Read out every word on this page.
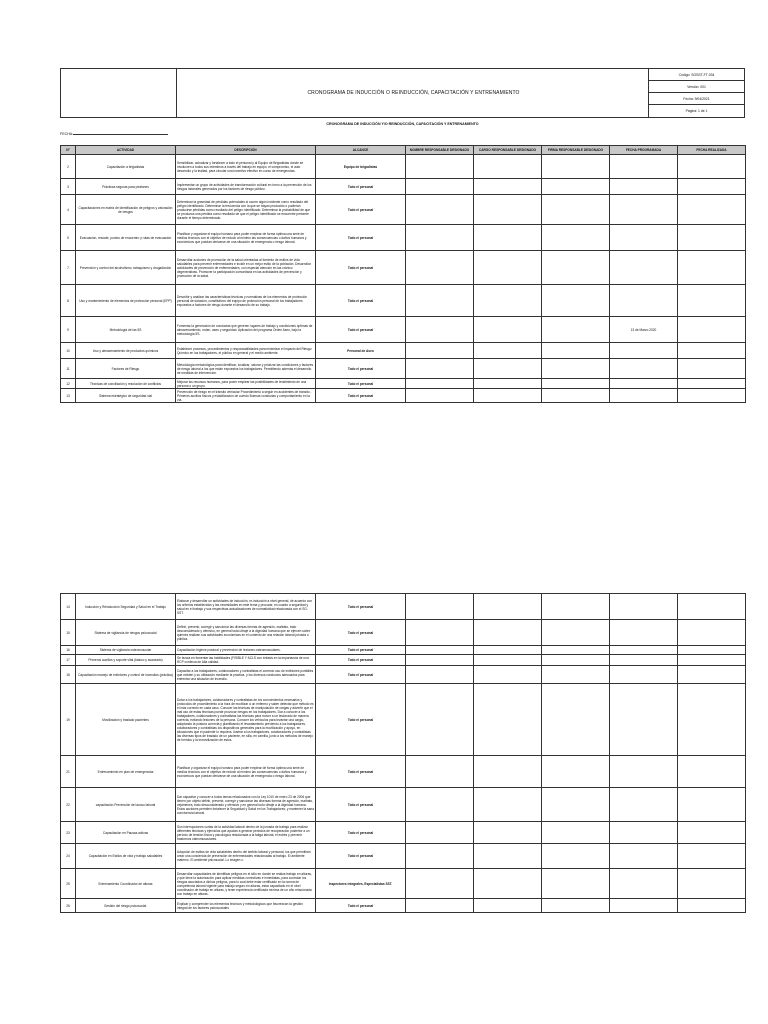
CRONOGRAMA DE INDUCCIÓN O REINDUCCIÓN, CAPACITACIÓN Y ENTRENAMIENTO
Código: SGSST-FT-034
Versión: 001
Fecha: 9/04/2021
Página: 1 de 1
CRONOGRAMA DE INDUCCIÓN Y/O REINDUCCIÓN, CAPACITACIÓN Y ENTRENAMIENTO
FECHA:
N°	ACTIVIDAD	DESCRIPCIÓN	ALCANCE	NOMBRE RESPONSABLE DESIGNADO	CARGO RESPONSABLE DESIGNADO	FIRMA RESPONSABLE DESIGNADO	FECHA PROGRAMADA	FECHA REALIZADA
2	Capacitación a brigadistas	Sensibilizar, actualizar y fortalecer a todo el personal y al Equipo de Brigadistas donde se involucren a todos sus miembros a través del trabajo en equipo, el compromiso, el auto desarrollo y la lealtad, para circular una incentivo efectivo en curso de emergencias.	Equipo de brigadistas					
3	Prácticas seguras para peatones	Implementar un grupo de actividades de transformación cultural en torno a la prevención de los riesgos laborales generados por los factores de riesgo público.	Todo el personal					
4	Capacitaciones en matriz de identificación de peligros y valoración de riesgos	Determinar la gravedad de pérdidas potenciales si ocurre algún incidente como resultado del peligro identificado. Determinar la frecuencia con la que se trayan producido o pudieran producirse pérdidas como resultado del peligro identificado. Determinar la probabilidad de que se produzca una pérdida como resultado de que el peligro identificado se encuentre presente durante el tiempo determinado.	Todo el personal					
5	Evacuación, rescate, puntos de encuentro y rutas de evacuación	Planificar y organizar el equipo humano para poder emplear de forma óptima una serie de medios técnicos con el objetivo de reducir al mínimo las consecuencias o daños humanos y económicos que puedan derivarse de una situación de emergencia o riesgo laboral.	Todo el personal					
7	Prevención y control del alcoholismo, tabaquismo y drogadicción	Desarrollar acciones de promoción de la salud orientadas al fomento de estilos de vida saludables para prevenir enfermedades e incidir en un mejor estilo de la población. Desarrollar actividades de prevención de enfermedades, con especial atención en las crónico degenerativas. Promover la participación comunitaria en las actividades de prevención y promoción de la salud.	Todo el personal					
8	Uso y mantenimiento de elementos de protección personal (EPP)	Describir y analizar las características técnicas y normativas de los elementos de protección personal de dotación, constitutivos del equipo de protección personal de los trabajadores expuestos a factores de riesgo durante el desarrollo de su trabajo.	Todo el personal					
9	Metodología de las 5S	Fomentar la generación de conductas que generen lugares de trabajo y condiciones óptimas de almacenamiento, orden, aseo y seguridad. Aplicación del programa Orden Aseo, bajo la metodología 5S.	Todo el personal				13 de Marzo 2020	
10	Uso y almacenamiento de productos químicos	Establecer procesos, procedimientos y responsabilidades para minimizar el impacto del Riesgo Químico en los trabajadores, el público en general y el medio ambiente.	Personal de Aseo					
11	Factores de Riesgo	Metodología metodológica para identificar, localizar, valorar y priorizar las condiciones y factores de riesgo laboral a los que están expuestos los trabajadores. Permitiendo además el desarrollo de medidas de intervención.	Todo el personal					
12	Técnicas de conciliación y resolución de conflictos	Mejorar los recursos humanos, para poder emplear las posibilidades de tendimiento de una persona o un grupo.	Todo el personal					
13	Sistema estratégico de seguridad vial	Prevención de riesgo en el tránsito vehicular Procedimiento a seguir en accidentes de tránsito - Primeros auxilios físicos y estabilización de cuerdo Buenas conductas y comportamiento en la vía.	Todo el personal					
14	Inducción y Reinducción Seguridad y Salud en el Trabajo	Elaborar y desarrollar un actividades de inducción, re-inducción a nivel general, de acuerdo con los criterios establecidos y las necesidades en este tema y procurar, en cuanto a seguridad y salud en el trabajo y sus respectivas actualizaciones de normatividad relacionada con el SG-SST.	Todo el personal					
15	Sistema de vigilancia de riesgos psicosocial	Definir, prevenir, corregir y sancionar las diversas formas de agresión, maltrato, trato desconsiderado y ofensivo, en general toda ultraje a la dignidad humana que se ejercen sobre quienes realizan sus actividades económicas en el contexto de una relación laboral privada o pública.	Todo el personal					
16	Sistema de vigilancia osteomuscular	Capacitación higiene postural y prevención de lesiones osteomusculares.	Todo el personal					
17	Primeros auxilios y soporte vital (básico y avanzado)	Se busca en fomentar las habilidades (FISIBLE Y ACLS con énfasis en la importancia de una RCP continua de Alta calidad.	Todo el personal					
18	Capacitación manejo de extintores y control de incendios (práctica)	Capacitar a los trabajadores, colaboradores y contratistas el correcto uso de extintores portátiles que existen y su utilización mediante la práctica. y los diversos conductos adecuados para enfrentar una situación de incendio.	Todo el personal					
19	Movilización y traslado pacientes	Dotar a los trabajadores, colaboradores y contratistas de los conocimientos necesarios y protocolos de procedimiento a la hora de movilizar a un enfermo y saber detectar qué método es el más correcto en cada caso. Conocer las técnicas de manipulación de cargas y advertir que el mal uso de estas técnicas puede provocar riesgos en los trabajadores. Dar a conocer a los trabajadores, colaboradores y contratistas las técnicas para mover a un lesionado de manera correcta, evitando lesiones de la persona. Conocer los vehículos para levantar una carga, adoptando la postura correcta y planificando el levantamiento previendo a los trabajadores, colaboradores y contratistas los dispositivos generales para la movilización y apoyo, en situaciones que el paciente lo requiera. Ilustrar a los trabajadores, colaboradores y contratistas las diversas tipos de traslado de un paciente, en silla, en camilla, junto a los métodos de manejo de heridos y la inmovilización de estos.	Todo el personal					
21	Entrenamiento en plan de emergencias	Planificar y organizar el equipo humano para poder emplear de forma óptima una serie de medios técnicos con el objetivo de reducir al mínimo las consecuencias o daños humanos y económicos que puedan derivarse de una situación de emergencia o riesgo laboral.	Todo el personal					
22	capacitación Prevención del acoso laboral	Dar capacitar y conocer a todos temas relacionados con la Ley 1010 de enero 23 de 2006 que tienen por objeto definir, prevenir, corregir y sancionar las diversas formas de agresión, maltrato, vejámenes, trato desconsiderado y ofensivo y en general todo ultraje a la dignidad humana. Estos acciones permiten fortalecer la Seguridad y Salud en los Trabajadores, y mantener la sana convivencia laboral.	Todo el personal					
23	Capacitación en Pausas activas	Son interrupciones cortas de la actividad laboral dentro de la jornada de trabajo para realizar diferentes técnicas y ejercicios que ayudan a generar periodos de recuperación posterior a un período de tensión física y psicológica relacionada a la fatiga laboral, el estrés y prevenir trastornos osteomusculares.	Todo el personal					
24	Capacitación en Estilos de vida y trabajo saludables	Adopción de estilos de vida saludables dentro del ámbito laboral y personal, los que permitirán crear una conciencia de prevención de enfermedades relacionadas al trabajo. El ambiente materno. El ambiente psicosocial. Lo imagen c.	Todo el personal					
25	Entrenamiento Coordinador de alturas	Desarrollar capacidades de identificar peligros en el sitio en donde se realiza trabajo en alturas, y que tiene la autorización para aplicar medidas correctivas e inmediatas, para controlar los riesgos asociados a dichos peligros, para lo cual debe estar certificado en la norma de competencia laboral vigente para trabajo seguro en alturas, estar capacitado en el nivel coordinador de trabajo en alturas, y tener experiencia certificada mínima de un año relacionada con trabajo en alturas.	Inspectores integrales, Especialistas SST.					
26	Gestión del riesgo psicosocial.	Explicar y comprender los elementos técnicos y metodológicos que favorezcan la gestión integral de los factores psicosociales	Todo el personal					
